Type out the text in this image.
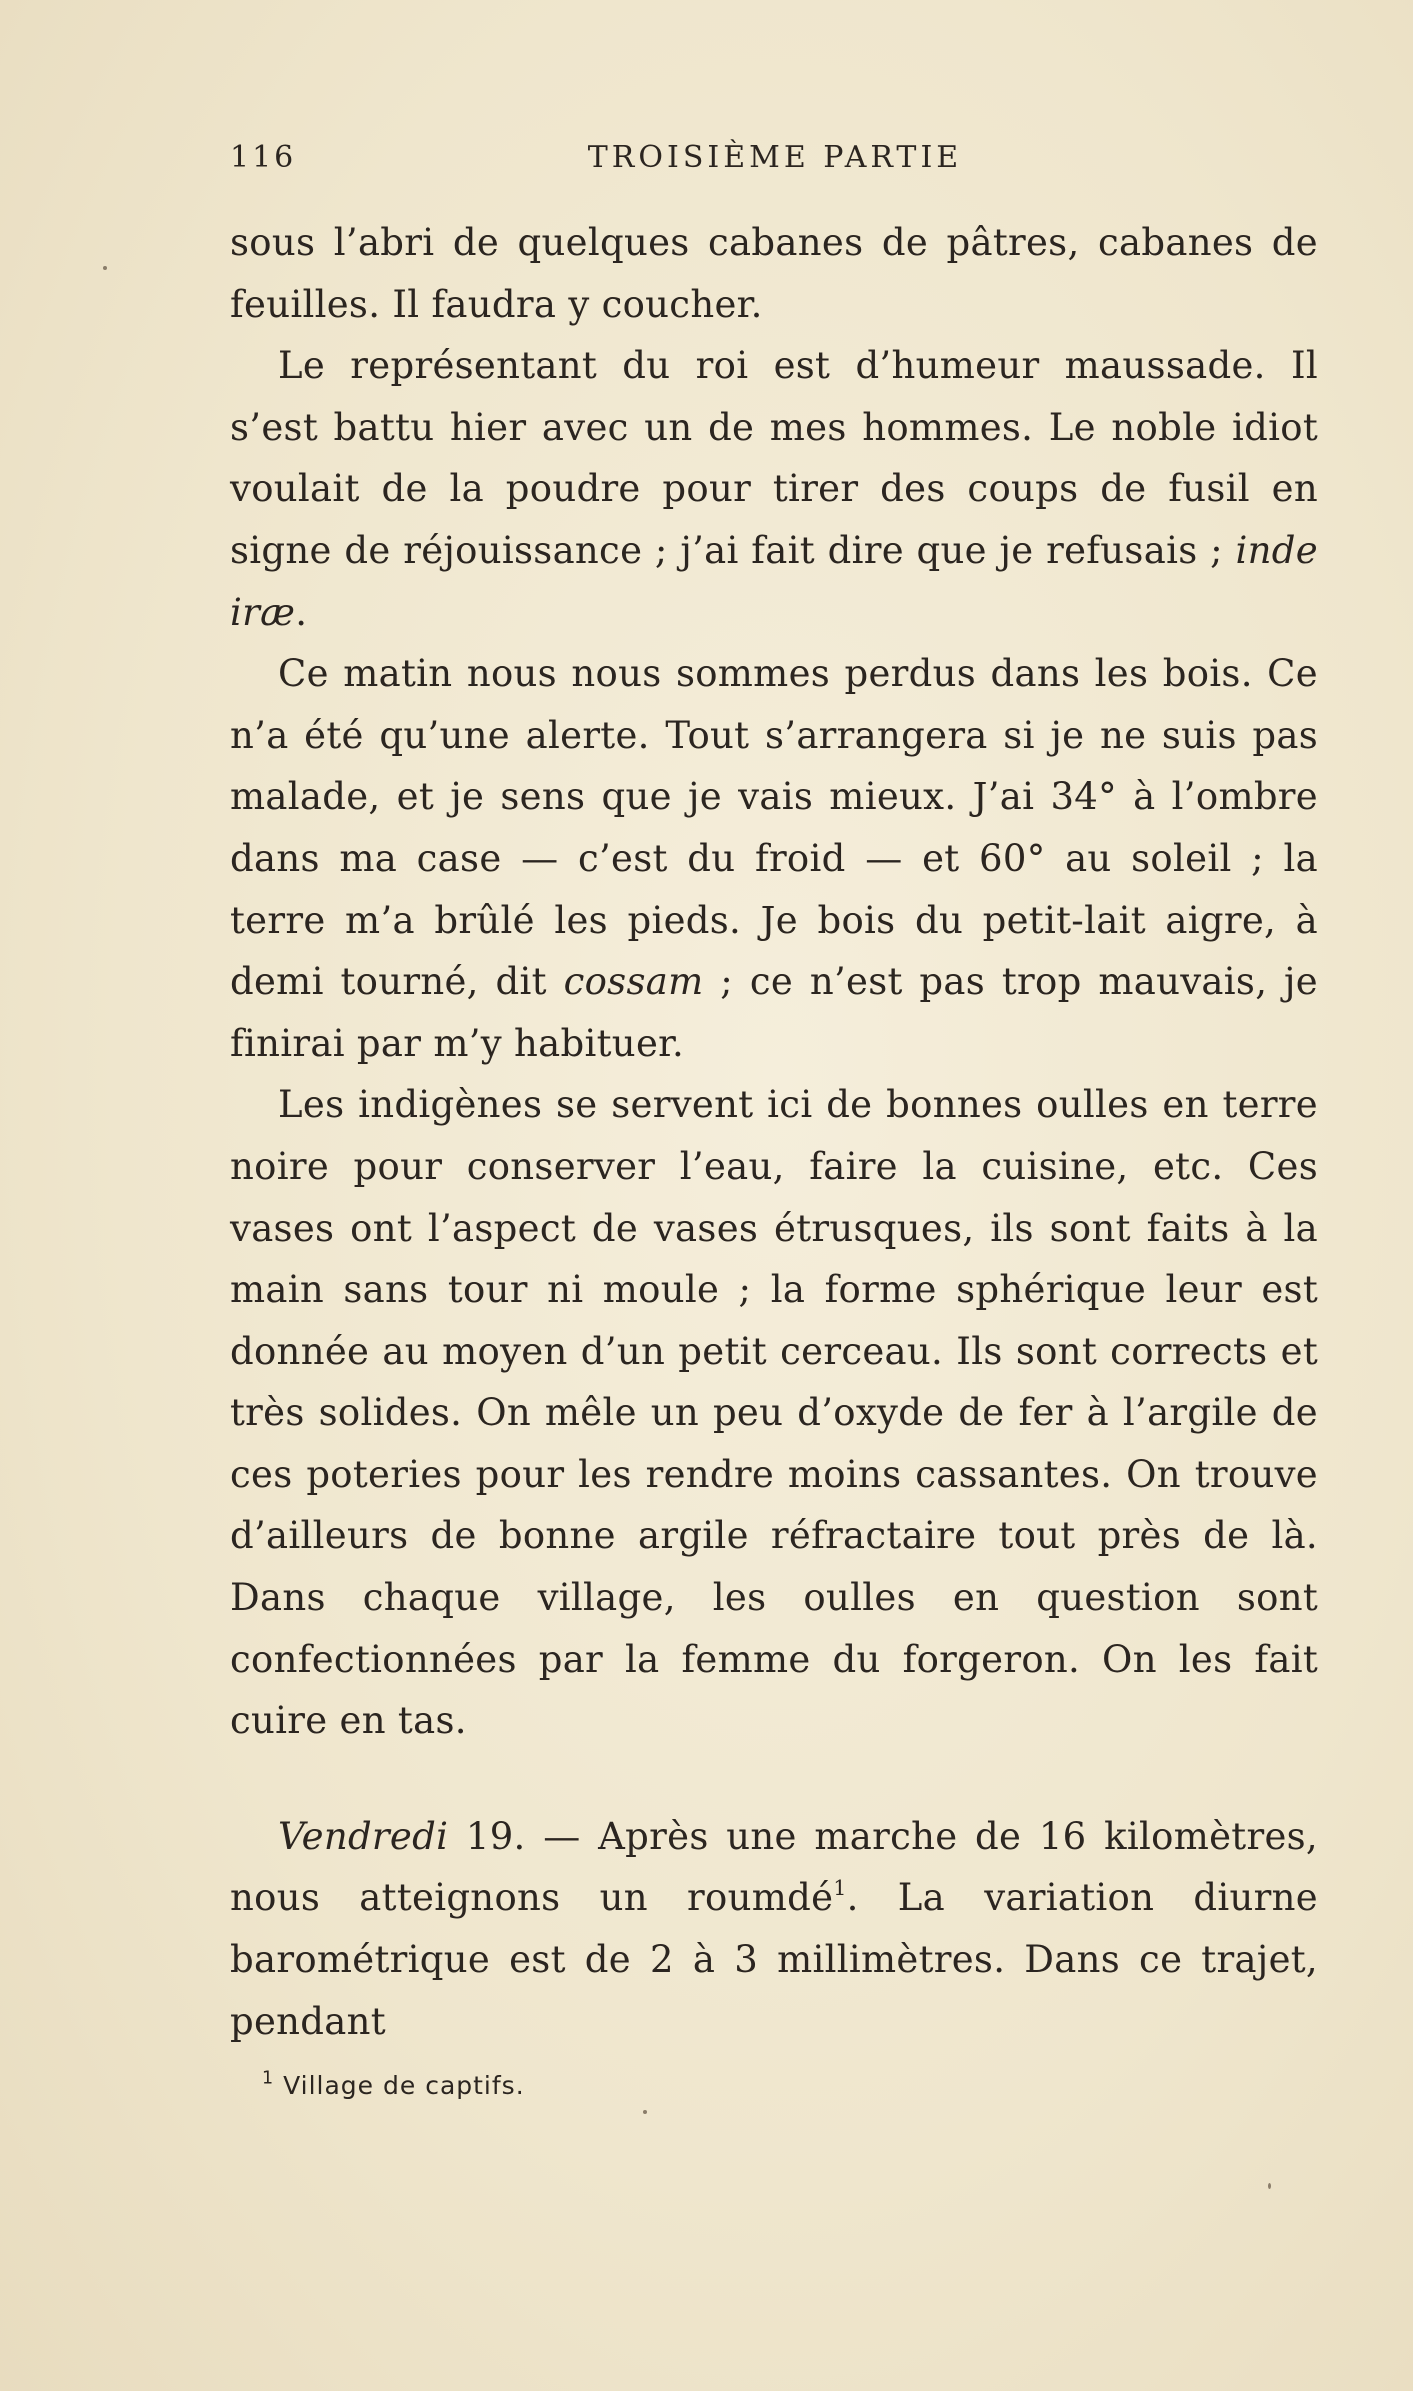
116	TROISIÈME PARTIE

sous l’abri de quelques cabanes de pâtres, cabanes de feuilles. Il faudra y coucher.

Le représentant du roi est d’humeur maussade. Il s’est battu hier avec un de mes hommes. Le noble idiot voulait de la poudre pour tirer des coups de fusil en signe de réjouissance ; j’ai fait dire que je refusais ; inde iræ.

Ce matin nous nous sommes perdus dans les bois. Ce n’a été qu’une alerte. Tout s’arrangera si je ne suis pas malade, et je sens que je vais mieux. J’ai 34° à l’ombre dans ma case — c’est du froid — et 60° au soleil ; la terre m’a brûlé les pieds. Je bois du petit-lait aigre, à demi tourné, dit cossam ; ce n’est pas trop mauvais, je finirai par m’y habituer.

Les indigènes se servent ici de bonnes oulles en terre noire pour conserver l’eau, faire la cuisine, etc. Ces vases ont l’aspect de vases étrusques, ils sont faits à la main sans tour ni moule ; la forme sphérique leur est donnée au moyen d’un petit cerceau. Ils sont corrects et très solides. On mêle un peu d’oxyde de fer à l’argile de ces poteries pour les rendre moins cassantes. On trouve d’ailleurs de bonne argile réfractaire tout près de là. Dans chaque village, les oulles en question sont confectionnées par la femme du forgeron. On les fait cuire en tas.

Vendredi 19. — Après une marche de 16 kilomètres, nous atteignons un roumdé$^1$. La variation diurne barométrique est de 2 à 3 millimètres. Dans ce trajet, pendant

$^1$ Village de captifs.
